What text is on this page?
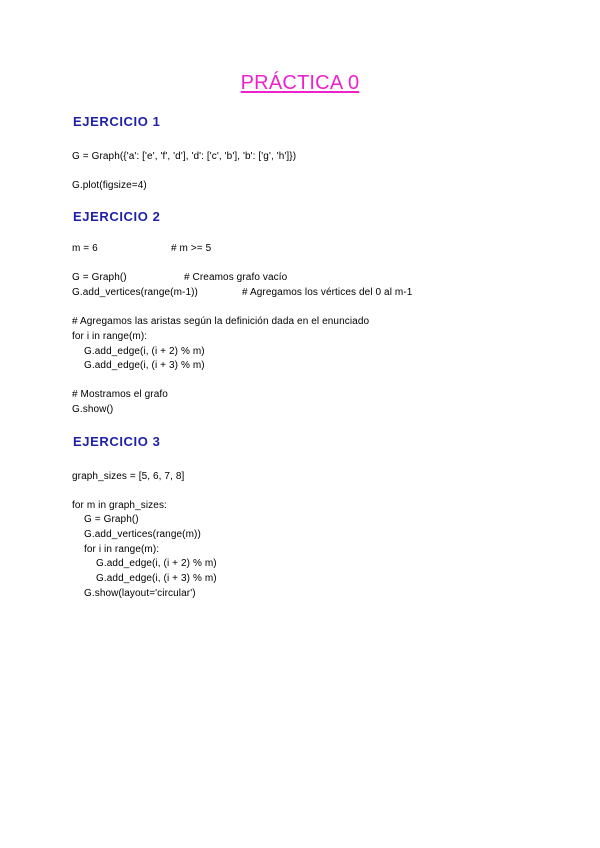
PRÁCTICA 0
EJERCICIO 1
G = Graph({'a': ['e', 'f', 'd'], 'd': ['c', 'b'], 'b': ['g', 'h']})
G.plot(figsize=4)
EJERCICIO 2
m = 6	# m >= 5
G = Graph()	# Creamos grafo vacío
G.add_vertices(range(m-1))	# Agregamos los vértices del 0 al m-1
# Agregamos las aristas según la definición dada en el enunciado
for i in range(m):
G.add_edge(i, (i + 2) % m)
G.add_edge(i, (i + 3) % m)
# Mostramos el grafo
G.show()
EJERCICIO 3
graph_sizes = [5, 6, 7, 8]
for m in graph_sizes:
G = Graph()
G.add_vertices(range(m))
for i in range(m):
G.add_edge(i, (i + 2) % m)
G.add_edge(i, (i + 3) % m)
G.show(layout='circular')
